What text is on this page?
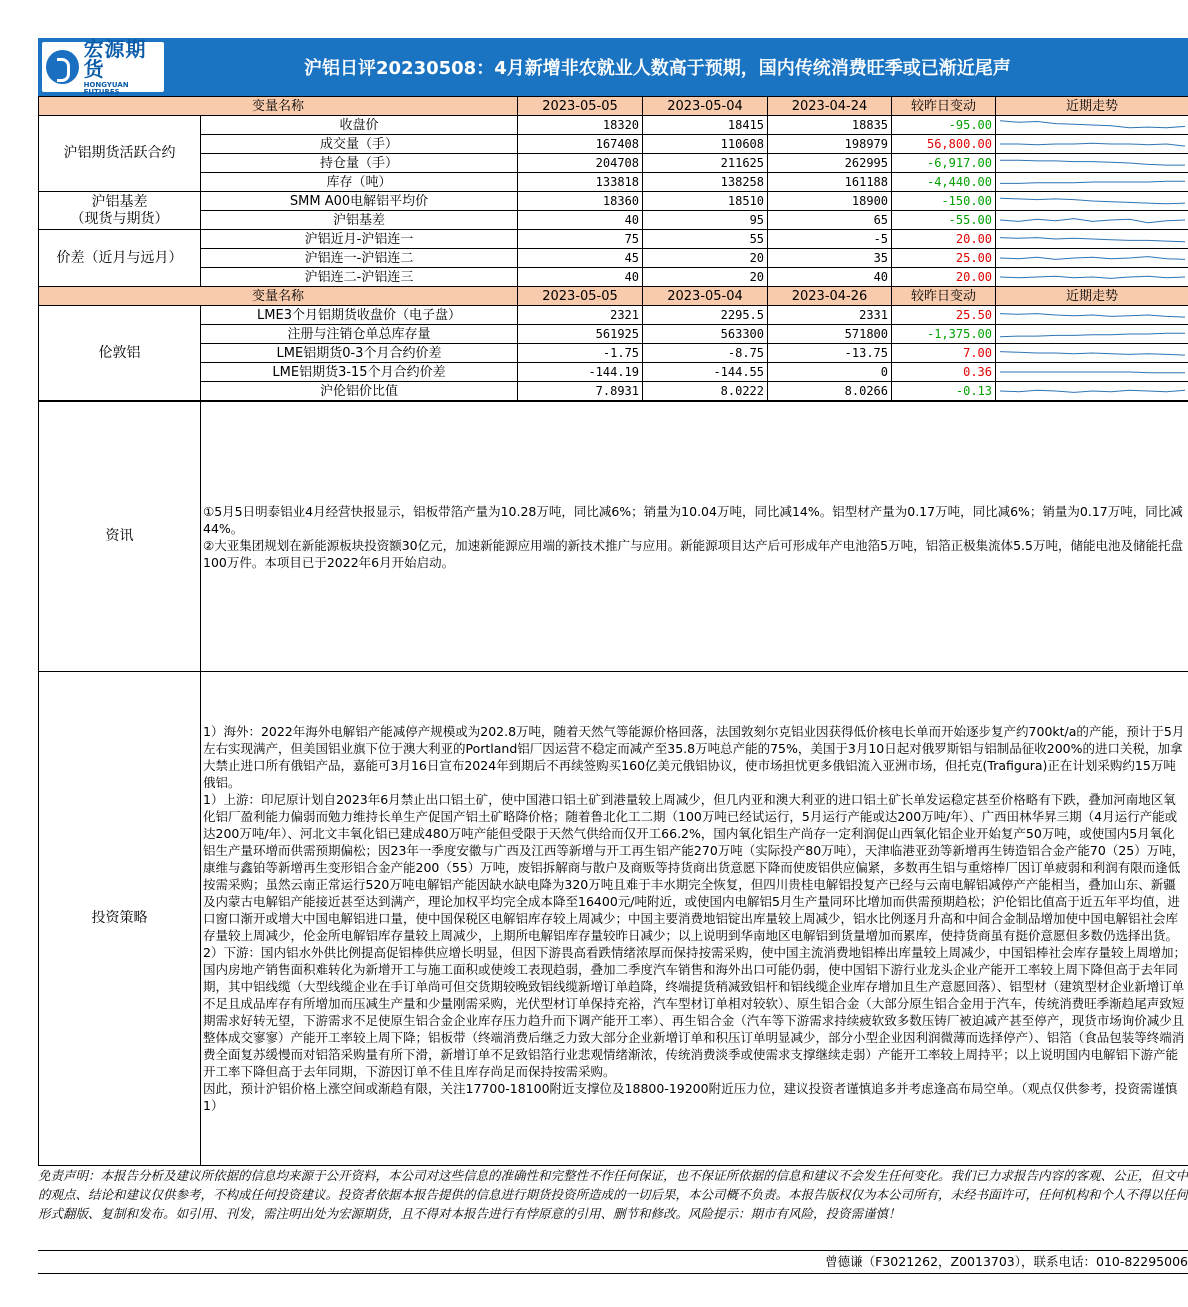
宏源期货
HONGYUAN FUTURES
沪铝日评20230508：4月新增非农就业人数高于预期，国内传统消费旺季或已渐近尾声
变量名称		2023-05-05	2023-05-04	2023-04-24	较昨日变动	近期走势
沪铝期货活跃合约	收盘价	18320	18415	18835	-95.00	

	成交量（手）	167408	110608	198979	56,800.00	

	持仓量（手）	204708	211625	262995	-6,917.00	

	库存（吨）	133818	138258	161188	-4,440.00	

沪铝基差
（现货与期货）	SMM A00电解铝平均价	18360	18510	18900	-150.00	

	沪铝基差	40	95	65	-55.00	

价差（近月与远月）	沪铝近月-沪铝连一	75	55	-5	20.00	

	沪铝连一-沪铝连二	45	20	35	25.00	

	沪铝连二-沪铝连三	40	20	40	20.00	

变量名称		2023-05-05	2023-05-04	2023-04-26	较昨日变动	近期走势
伦敦铝	LME3个月铝期货收盘价（电子盘）	2321	2295.5	2331	25.50	

	注册与注销仓单总库存量	561925	563300	571800	-1,375.00	

	LME铝期货0-3个月合约价差	-1.75	-8.75	-13.75	7.00	

	LME铝期货3-15个月合约价差	-144.19	-144.55	0	0.36	

	沪伦铝价比值	7.8931	8.0222	8.0266	-0.13	
资讯	①5月5日明泰铝业4月经营快报显示，铝板带箔产量为10.28万吨，同比减6%；销量为10.04万吨，同比减14%。铝型材产量为0.17万吨，同比减6%；销量为0.17万吨，同比减44%。

②大亚集团规划在新能源板块投资额30亿元，加速新能源应用端的新技术推广与应用。新能源项目达产后可形成年产电池箔5万吨，铝箔正极集流体5.5万吨，储能电池及储能托盘100万件。本项目已于2022年6月开始启动。

投资策略	1）海外：2022年海外电解铝产能减停产规模或为202.8万吨，随着天然气等能源价格回落，法国敦刻尔克铝业因获得低价核电长单而开始逐步复产约700kt/a的产能，预计于5月左右实现满产，但美国铝业旗下位于澳大利亚的Portland铝厂因运营不稳定而减产至35.8万吨总产能的75%，美国于3月10日起对俄罗斯铝与铝制品征收200%的进口关税，加拿大禁止进口所有俄铝产品，嘉能可3月16日宣布2024年到期后不再续签购买160亿美元俄铝协议，使市场担忧更多俄铝流入亚洲市场，但托克(Trafigura)正在计划采购约15万吨俄铝。

1）上游：印尼原计划自2023年6月禁止出口铝土矿，使中国港口铝土矿到港量较上周减少，但几内亚和澳大利亚的进口铝土矿长单发运稳定甚至价格略有下跌，叠加河南地区氧化铝厂盈利能力偏弱而勉力维持长单生产促国产铝土矿略降价格；随着鲁北化工二期（100万吨已经试运行，5月运行产能或达200万吨/年）、广西田林华昇三期（4月运行产能或达200万吨/年）、河北文丰氧化铝已建成480万吨产能但受限于天然气供给而仅开工66.2%，国内氧化铝生产尚存一定利润促山西氧化铝企业开始复产50万吨，或使国内5月氧化铝生产量环增而供需预期偏松；因23年一季度安徽与广西及江西等新增与开工再生铝产能270万吨（实际投产80万吨），天津临港亚劲等新增再生铸造铝合金产能70（25）万吨，康维与鑫铂等新增再生变形铝合金产能200（55）万吨，废铝拆解商与散户及商贩等持货商出货意愿下降而使废铝供应偏紧，多数再生铝与重熔棒厂因订单疲弱和利润有限而逢低按需采购；虽然云南正常运行520万吨电解铝产能因缺水缺电降为320万吨且难于丰水期完全恢复，但四川贵桂电解铝投复产已经与云南电解铝减停产产能相当，叠加山东、新疆及内蒙古电解铝产能接近甚至达到满产，理论加权平均完全成本降至16400元/吨附近，或使国内电解铝5月生产量同环比增加而供需预期趋松；沪伦铝比值高于近五年平均值，进口窗口渐开或增大中国电解铝进口量，使中国保税区电解铝库存较上周减少；中国主要消费地铝锭出库量较上周减少，铝水比例逐月升高和中间合金制品增加使中国电解铝社会库存量较上周减少，伦金所电解铝库存量较上周减少，上期所电解铝库存量较昨日减少；以上说明到华南地区电解铝到货量增加而累库，使持货商虽有挺价意愿但多数仍选择出货。

2）下游：国内铝水外供比例提高促铝棒供应增长明显，但因下游畏高看跌情绪浓厚而保持按需采购，使中国主流消费地铝棒出库量较上周减少，中国铝棒社会库存量较上周增加；国内房地产销售面积难转化为新增开工与施工面积或使竣工表现趋弱，叠加二季度汽车销售和海外出口可能仍弱，使中国铝下游行业龙头企业产能开工率较上周下降但高于去年同期，其中铝线缆（大型线缆企业在手订单尚可但交货期较晚致铝线缆新增订单趋降，终端提货稍减致铝杆和铝线缆企业库存增加且生产意愿回落）、铝型材（建筑型材企业新增订单不足且成品库存有所增加而压减生产量和少量刚需采购，光伏型材订单保持充裕，汽车型材订单相对较软）、原生铝合金（大部分原生铝合金用于汽车，传统消费旺季渐趋尾声致短期需求好转无望，下游需求不足使原生铝合金企业库存压力趋升而下调产能开工率）、再生铝合金（汽车等下游需求持续疲软致多数压铸厂被迫减产甚至停产，现货市场询价减少且整体成交寥寥）产能开工率较上周下降；铝板带（终端消费后继乏力致大部分企业新增订单和积压订单明显减少，部分小型企业因利润微薄而选择停产）、铝箔（食品包装等终端消费全面复苏缓慢而对铝箔采购量有所下滑，新增订单不足致铝箔行业悲观情绪渐浓，传统消费淡季或使需求支撑继续走弱）产能开工率较上周持平；以上说明国内电解铝下游产能开工率下降但高于去年同期，下游因订单不佳且库存尚足而保持按需采购。

因此，预计沪铝价格上涨空间或渐趋有限，关注17700-18100附近支撑位及18800-19200附近压力位，建议投资者谨慎追多并考虑逢高布局空单。（观点仅供参考，投资需谨慎1）

免责声明：本报告分析及建议所依据的信息均来源于公开资料，本公司对这些信息的准确性和完整性不作任何保证，也不保证所依据的信息和建议不会发生任何变化。我们已力求报告内容的客观、公正，但文中的观点、结论和建议仅供参考，不构成任何投资建议。投资者依据本报告提供的信息进行期货投资所造成的一切后果，本公司概不负责。本报告版权仅为本公司所有，未经书面许可，任何机构和个人不得以任何形式翻版、复制和发布。如引用、刊发，需注明出处为宏源期货，且不得对本报告进行有悖原意的引用、删节和修改。风险提示：期市有风险，投资需谨慎！
曾德谦（F3021262，Z0013703），联系电话：010-82295006
